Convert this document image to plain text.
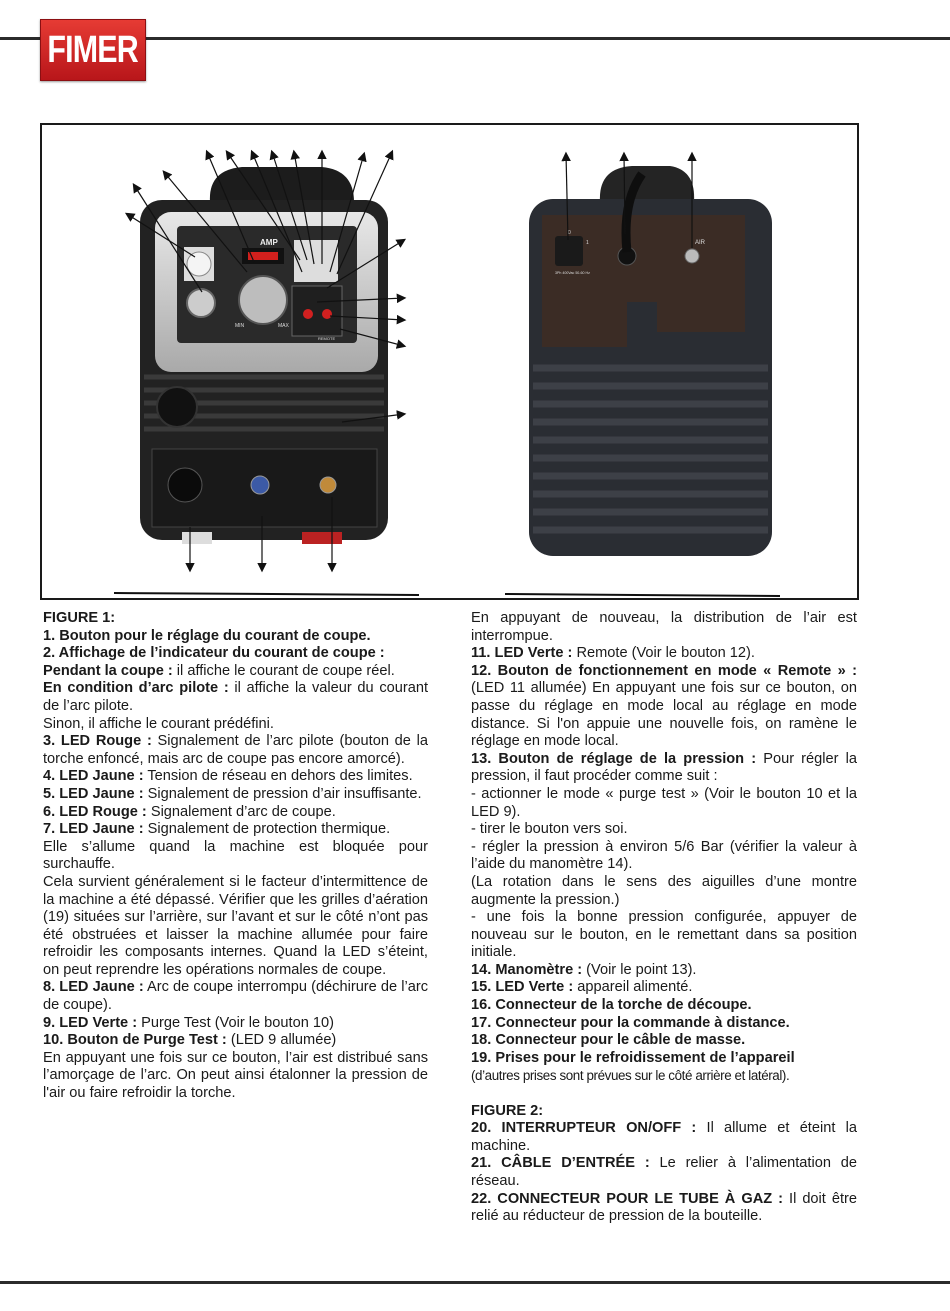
FIMER
AMP
MIN	MAX
REMOTE
0
1
3Ph 400Vac 50-60 Hz
AIR

FIGURE 1:

1. Bouton pour le réglage du courant de coupe.

2. Affichage de l’indicateur du courant de coupe :

Pendant la coupe : il affiche le courant de coupe réel.

En condition d’arc pilote : il affiche la valeur du courant de l’arc pilote.

Sinon, il affiche le courant prédéfini.

3. LED Rouge : Signalement de l’arc pilote (bouton de la torche enfoncé, mais arc de coupe pas encore amorcé).

4. LED Jaune : Tension de réseau en dehors des limites.

5. LED Jaune : Signalement de pression d’air insuffisante.

6. LED Rouge : Signalement d’arc de coupe.

7. LED Jaune : Signalement de protection thermique.

Elle s’allume quand la machine est bloquée pour surchauffe.

Cela survient généralement si le facteur d’intermittence de la machine a été dépassé. Vérifier que les grilles d’aération (19) situées sur l’arrière, sur l’avant et sur le côté n’ont pas été obstruées et laisser la machine allumée pour faire refroidir les composants internes. Quand la LED s’éteint, on peut reprendre les opérations normales de coupe.

8. LED Jaune : Arc de coupe interrompu (déchirure de l’arc de coupe).

9. LED Verte : Purge Test (Voir le bouton 10)

10. Bouton de Purge Test : (LED 9 allumée)

En appuyant une fois sur ce bouton, l’air est distribué sans l’amorçage de l’arc. On peut ainsi étalonner la pression de l'air ou faire refroidir la torche.

En appuyant de nouveau, la distribution de l’air est interrompue.

11. LED Verte : Remote (Voir le bouton 12).

12. Bouton de fonctionnement en mode « Remote » : (LED 11 allumée) En appuyant une fois sur ce bouton, on passe du réglage en mode local au réglage en mode distance. Si l'on appuie une nouvelle fois, on ramène le réglage en mode local.

13. Bouton de réglage de la pression : Pour régler la pression, il faut procéder comme suit :

- actionner le mode « purge test » (Voir le bouton 10 et la LED 9).

- tirer le bouton vers soi.

- régler la pression à environ 5/6 Bar (vérifier la valeur à l’aide du manomètre 14).

(La rotation dans le sens des aiguilles d’une montre augmente la pression.)

- une fois la bonne pression configurée, appuyer de nouveau sur le bouton, en le remettant dans sa position initiale.

14. Manomètre : (Voir le point 13).

15. LED Verte : appareil alimenté.

16. Connecteur de la torche de découpe.

17. Connecteur pour la commande à distance.

18. Connecteur pour le câble de masse.

19. Prises pour le refroidissement de l’appareil

(d’autres prises sont prévues sur le côté arrière et latéral).

FIGURE 2:

20. INTERRUPTEUR ON/OFF : Il allume et éteint la machine.

21. CÂBLE D’ENTRÉE : Le relier à l’alimentation de réseau.

22. CONNECTEUR POUR LE TUBE À GAZ : Il doit être relié au réducteur de pression de la bouteille.
